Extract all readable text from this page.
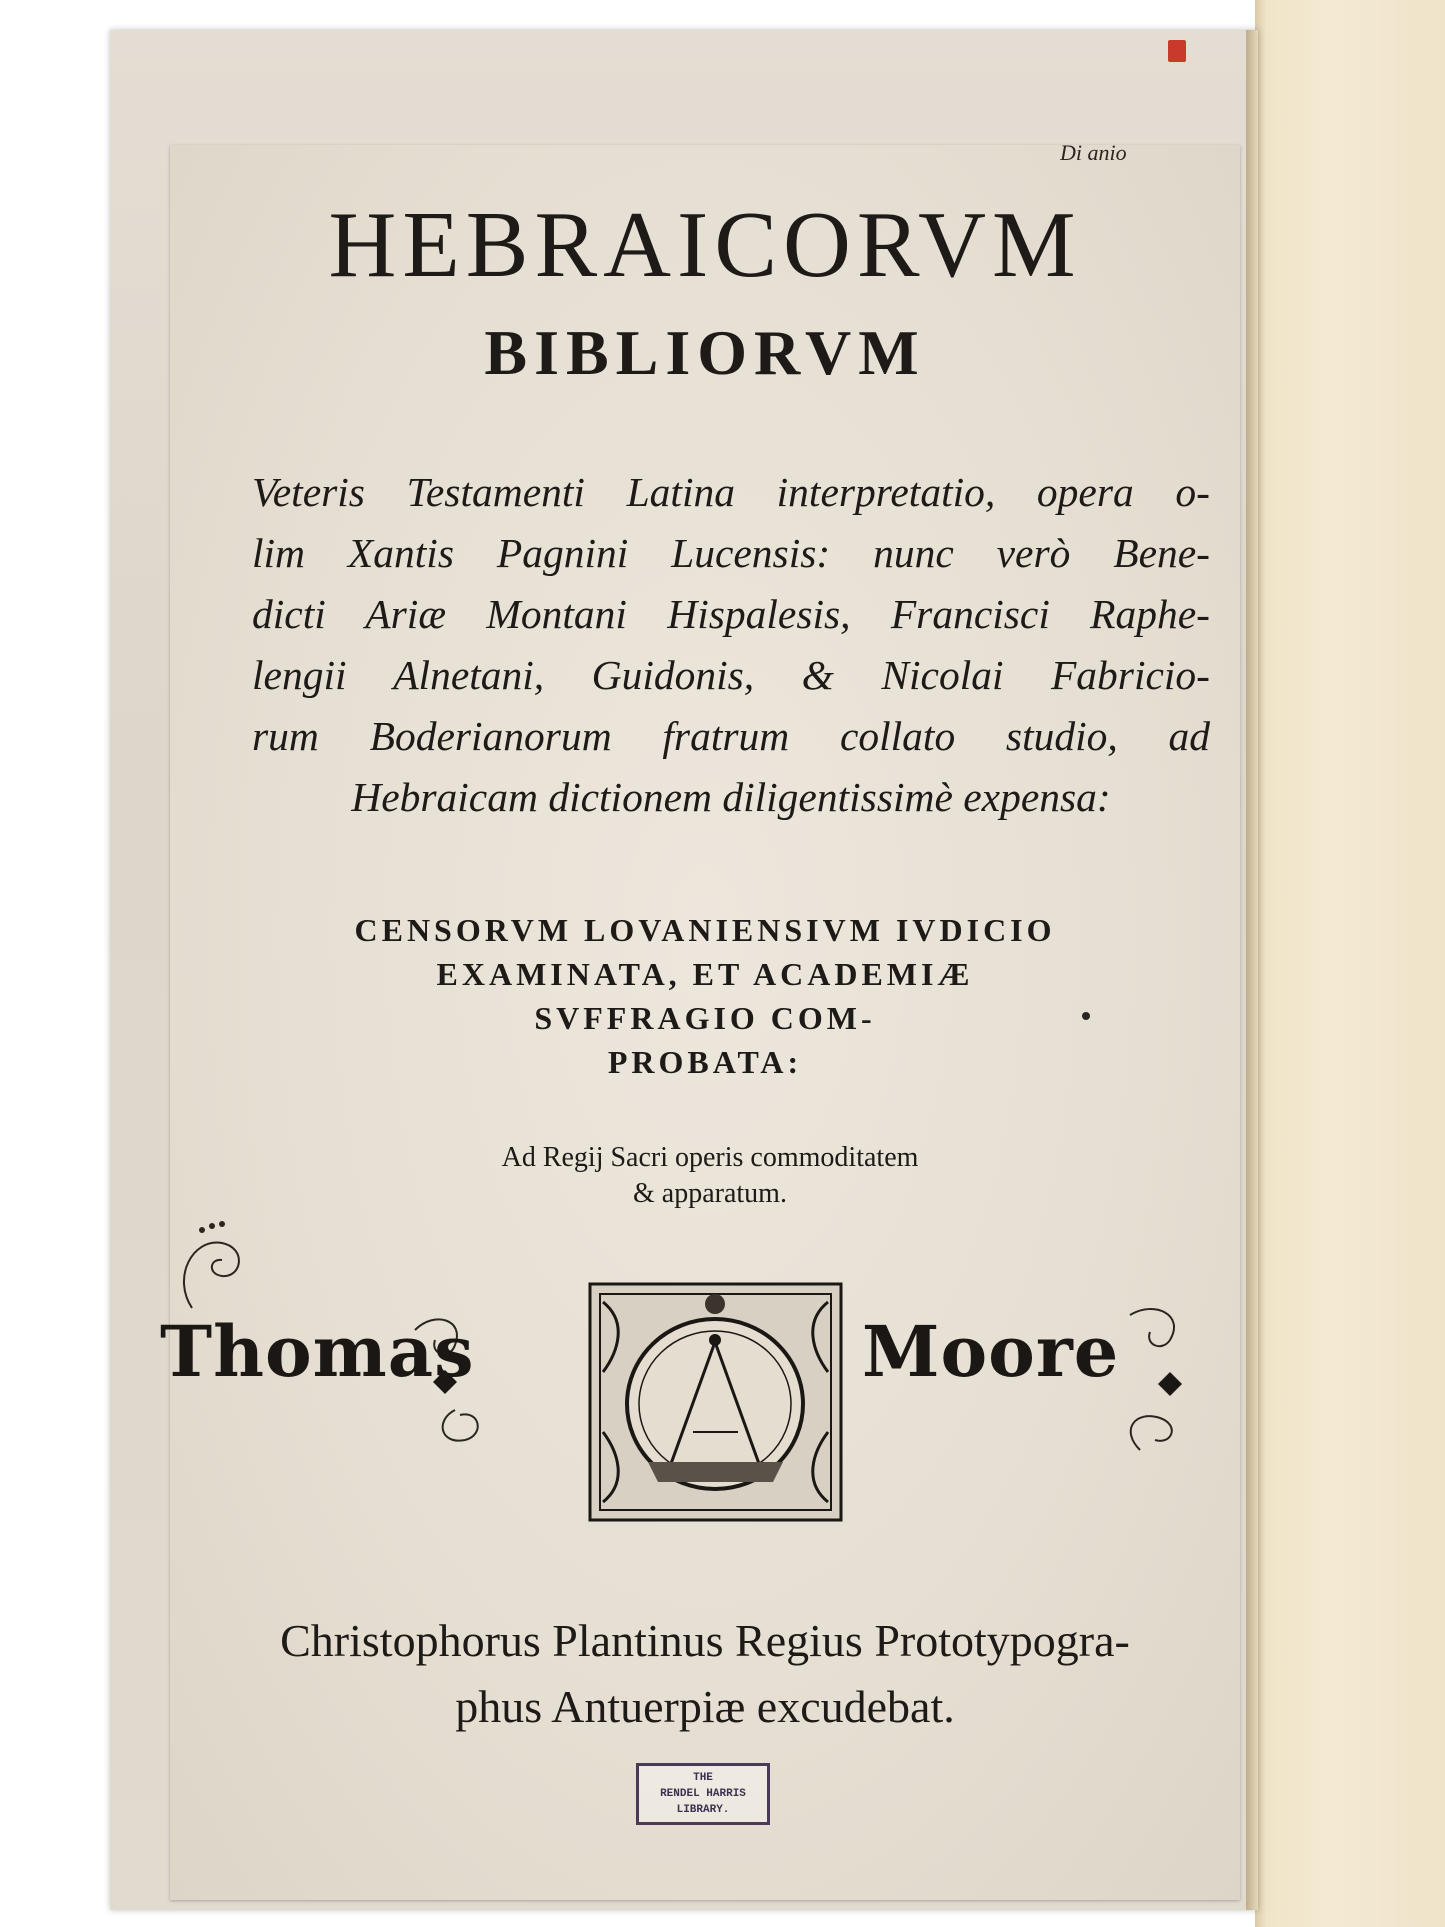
Di anio
HEBRAICORVM
BIBLIORVM
Veteris Testamenti Latina interpretatio, opera o-
lim Xantis Pagnini Lucensis: nunc verò Bene-
dicti Ariæ Montani Hispalesis, Francisci Raphe-
lengii Alnetani, Guidonis, & Nicolai Fabricio-
rum Boderianorum fratrum collato studio, ad
Hebraicam dictionem diligentissimè expensa:
CENSORVM LOVANIENSIVM IVDICIO
EXAMINATA, ET ACADEMIÆ
SVFFRAGIO COM-
PROBATA:
Ad Regij Sacri operis commoditatem
& apparatum.
Thomas	Moore
Christophorus Plantinus Regius Prototypogra-
phus Antuerpiæ excudebat.
THE
RENDEL HARRIS
LIBRARY.
